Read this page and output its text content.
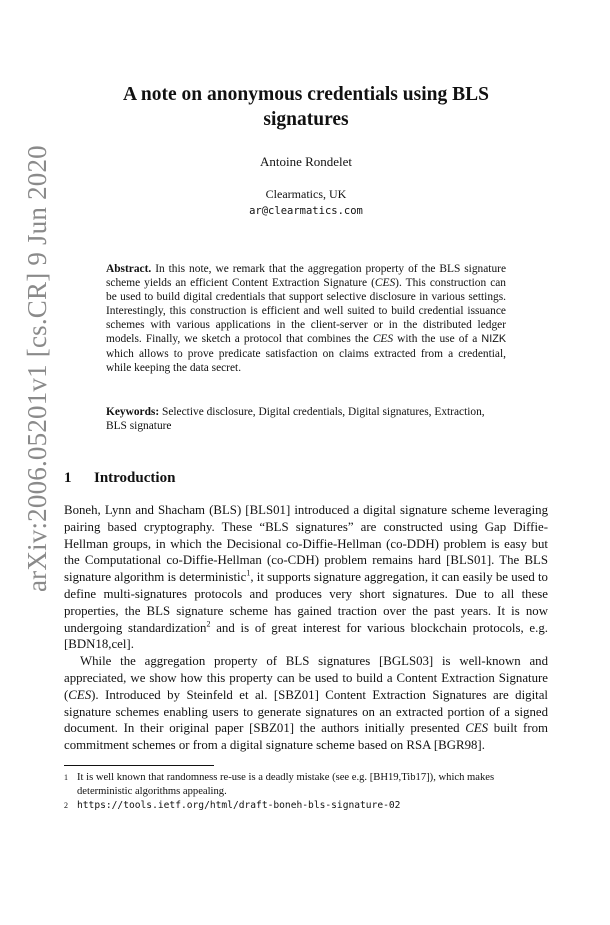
arXiv:2006.05201v1 [cs.CR] 9 Jun 2020
A note on anonymous credentials using BLS
signatures
Antoine Rondelet
Clearmatics, UK
ar@clearmatics.com
Abstract. In this note, we remark that the aggregation property of the BLS signature scheme yields an efficient Content Extraction Signature (CES). This construction can be used to build digital credentials that support selective disclosure in various settings. Interestingly, this construction is efficient and well suited to build credential issuance schemes with various applications in the client-server or in the distributed ledger models. Finally, we sketch a protocol that combines the CES with the use of a NIZK which allows to prove predicate satisfaction on claims extracted from a credential, while keeping the data secret.
Keywords: Selective disclosure, Digital credentials, Digital signatures, Extraction, BLS signature
1 Introduction

Boneh, Lynn and Shacham (BLS) [BLS01] introduced a digital signature scheme leveraging pairing based cryptography. These “BLS signatures” are constructed using Gap Diffie-Hellman groups, in which the Decisional co-Diffie-Hellman (co-DDH) problem is easy but the Computational co-Diffie-Hellman (co-CDH) problem remains hard [BLS01]. The BLS signature algorithm is deterministic$^1$, it supports signature aggregation, it can easily be used to define multi-signatures protocols and produces very short signatures. Due to all these properties, the BLS signature scheme has gained traction over the past years. It is now undergoing standardization$^2$ and is of great interest for various blockchain protocols, e.g. [BDN18,cel].

While the aggregation property of BLS signatures [BGLS03] is well-known and appreciated, we show how this property can be used to build a Content Extraction Signature (CES). Introduced by Steinfeld et al. [SBZ01] Content Extraction Signatures are digital signature schemes enabling users to generate signatures on an extracted portion of a signed document. In their original paper [SBZ01] the authors initially presented CES built from commitment schemes or from a digital signature scheme based on RSA [BGR98].

1 It is well known that randomness re-use is a deadly mistake (see e.g. [BH19,Tib17]), which makes deterministic algorithms appealing.
2 https://tools.ietf.org/html/draft-boneh-bls-signature-02
